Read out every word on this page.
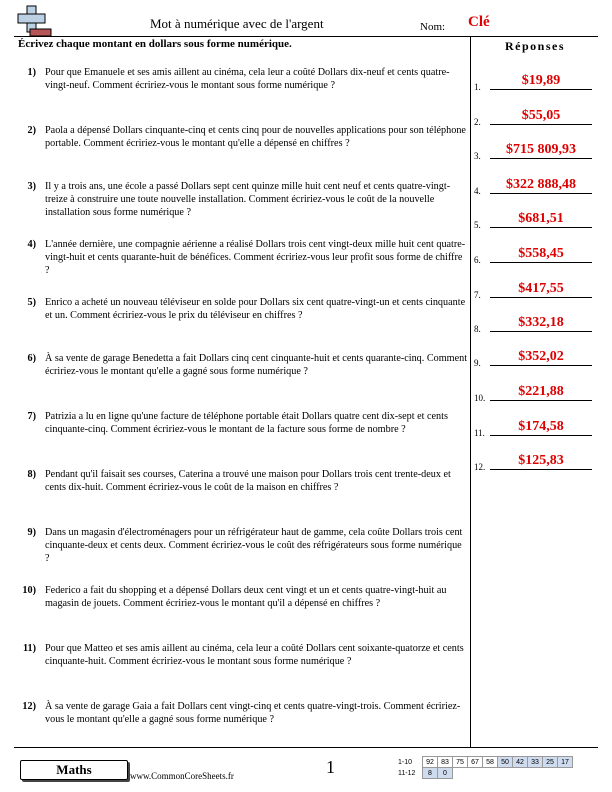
Mot à numérique avec de l'argent	Nom: Clé
Écrivez chaque montant en dollars sous forme numérique.
1) Pour que Emanuele et ses amis aillent au cinéma, cela leur a coûté Dollars dix-neuf et cents quatre-vingt-neuf. Comment écririez-vous le montant sous forme numérique ?
2) Paola a dépensé Dollars cinquante-cinq et cents cinq pour de nouvelles applications pour son téléphone portable. Comment écririez-vous le montant qu'elle a dépensé en chiffres ?
3) Il y a trois ans, une école a passé Dollars sept cent quinze mille huit cent neuf et cents quatre-vingt-treize à construire une toute nouvelle installation. Comment écririez-vous le coût de la nouvelle installation sous forme numérique ?
4) L'année dernière, une compagnie aérienne a réalisé Dollars trois cent vingt-deux mille huit cent quatre-vingt-huit et cents quarante-huit de bénéfices. Comment écririez-vous leur profit sous forme de chiffre ?
5) Enrico a acheté un nouveau téléviseur en solde pour Dollars six cent quatre-vingt-un et cents cinquante et un. Comment écririez-vous le prix du téléviseur en chiffres ?
6) À sa vente de garage Benedetta a fait Dollars cinq cent cinquante-huit et cents quarante-cinq. Comment écririez-vous le montant qu'elle a gagné sous forme numérique ?
7) Patrizia a lu en ligne qu'une facture de téléphone portable était Dollars quatre cent dix-sept et cents cinquante-cinq. Comment écririez-vous le montant de la facture sous forme de nombre ?
8) Pendant qu'il faisait ses courses, Caterina a trouvé une maison pour Dollars trois cent trente-deux et cents dix-huit. Comment écririez-vous le coût de la maison en chiffres ?
9) Dans un magasin d'électroménagers pour un réfrigérateur haut de gamme, cela coûte Dollars trois cent cinquante-deux et cents deux. Comment écririez-vous le coût des réfrigérateurs sous forme numérique ?
10) Federico a fait du shopping et a dépensé Dollars deux cent vingt et un et cents quatre-vingt-huit au magasin de jouets. Comment écririez-vous le montant qu'il a dépensé en chiffres ?
11) Pour que Matteo et ses amis aillent au cinéma, cela leur a coûté Dollars cent soixante-quatorze et cents cinquante-huit. Comment écririez-vous le montant sous forme numérique ?
12) À sa vente de garage Gaia a fait Dollars cent vingt-cinq et cents quatre-vingt-trois. Comment écririez-vous le montant qu'elle a gagné sous forme numérique ?
Réponses
1.	$19,89
2.	$55,05
3.	$715 809,93
4.	$322 888,48
5.	$681,51
6.	$558,45
7.	$417,55
8.	$332,18
9.	$352,02
10.	$221,88
11.	$174,58
12.	$125,83
Maths	www.CommonCoreSheets.fr	1	1-10	92	83	75	67	58	50	42	33	25	17
11-12	8	0								
